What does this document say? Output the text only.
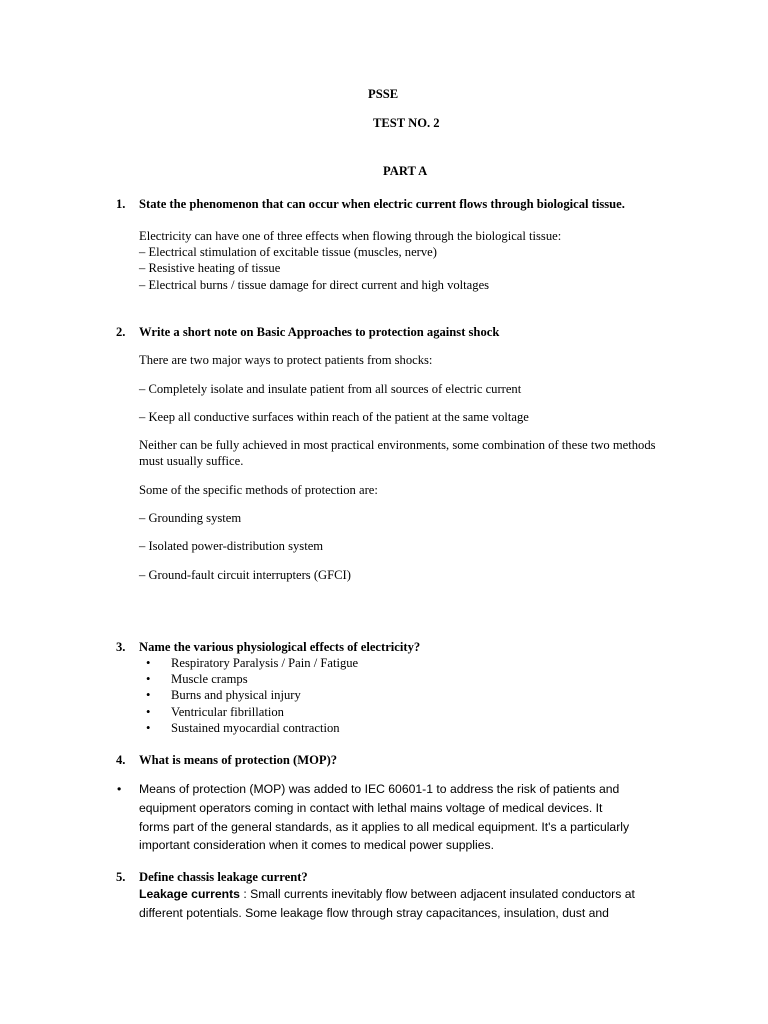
PSSE
TEST NO. 2
PART A
1. State the phenomenon that can occur when electric current flows through biological tissue.
Electricity can have one of three effects when flowing through the biological tissue:
– Electrical stimulation of excitable tissue (muscles, nerve)
– Resistive heating of tissue
– Electrical burns / tissue damage for direct current and high voltages
2. Write a short note on Basic Approaches to protection against shock
There are two major ways to protect patients from shocks:
– Completely isolate and insulate patient from all sources of electric current
– Keep all conductive surfaces within reach of the patient at the same voltage
Neither can be fully achieved in most practical environments, some combination of these two methods
must usually suffice.
Some of the specific methods of protection are:
– Grounding system
– Isolated power-distribution system
– Ground-fault circuit interrupters (GFCI)
3. Name the various physiological effects of electricity?
• Respiratory Paralysis / Pain / Fatigue
• Muscle cramps
• Burns and physical injury
• Ventricular fibrillation
• Sustained myocardial contraction
4. What is means of protection (MOP)?
• Means of protection (MOP) was added to IEC 60601-1 to address the risk of patients and
equipment operators coming in contact with lethal mains voltage of medical devices. It
forms part of the general standards, as it applies to all medical equipment. It's a particularly
important consideration when it comes to medical power supplies.
5. Define chassis leakage current?
Leakage currents : Small currents inevitably flow between adjacent insulated conductors at
different potentials. Some leakage flow through stray capacitances, insulation, dust and
